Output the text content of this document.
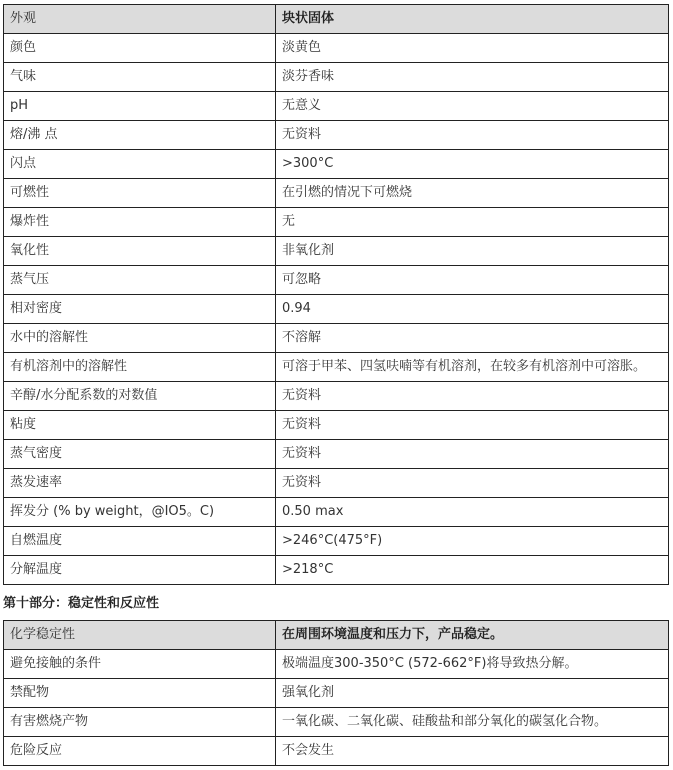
外观	块状固体
颜色	淡黄色
气味	淡芬香味
pH	无意义
熔/沸 点	无资料
闪点	>300°C
可燃性	在引燃的情况下可燃烧
爆炸性	无
氧化性	非氧化剂
蒸气压	可忽略
相对密度	0.94
水中的溶解性	不溶解
有机溶剂中的溶解性	可溶于甲苯、四氢呋喃等有机溶剂，在较多有机溶剂中可溶胀。
辛醇/水分配系数的对数值	无资料
粘度	无资料
蒸气密度	无资料
蒸发速率	无资料
挥发分 (% by weight，@IO5。C)	0.50 max
自燃温度	>246°C(475°F)
分解温度	>218°C
第十部分：稳定性和反应性
化学稳定性	在周围环境温度和压力下，产品稳定。
避免接触的条件	极端温度300-350°C (572-662°F)将导致热分解。
禁配物	强氧化剂
有害燃烧产物	一氧化碳、二氧化碳、硅酸盐和部分氧化的碳氢化合物。
危险反应	不会发生
